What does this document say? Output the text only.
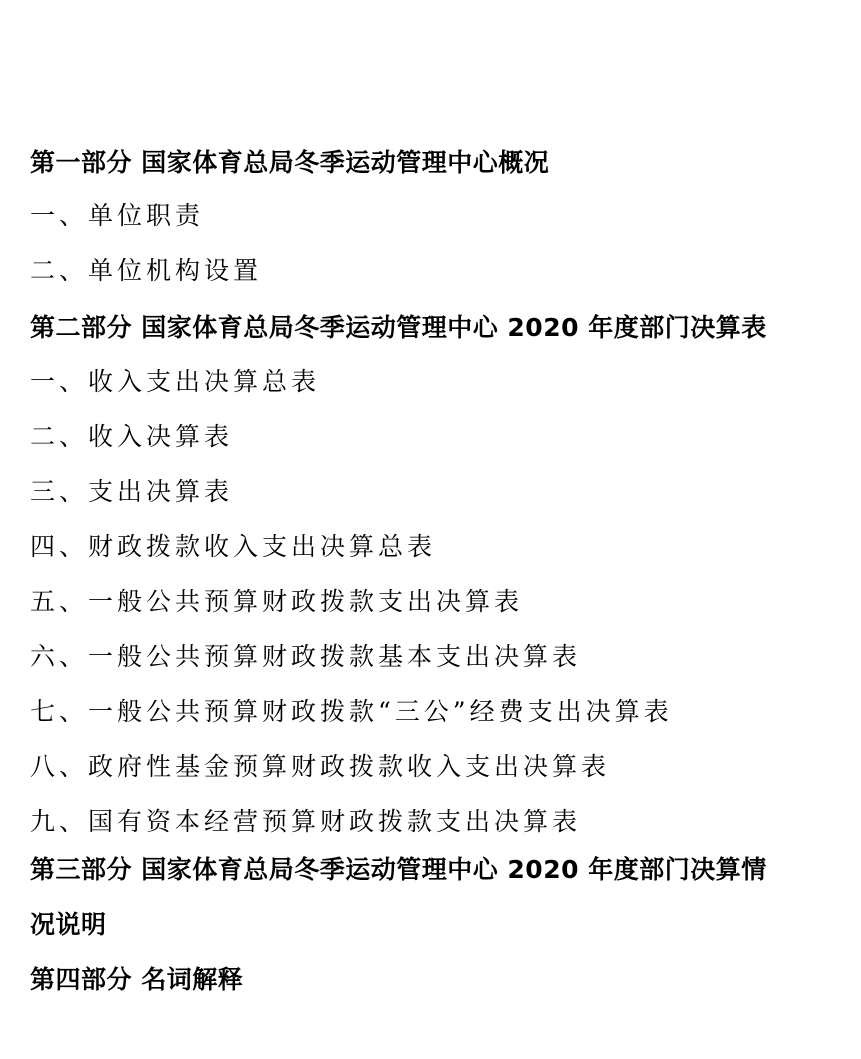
第一部分 国家体育总局冬季运动管理中心概况
一、单位职责
二、单位机构设置
第二部分 国家体育总局冬季运动管理中心 2020 年度部门决算表
一、收入支出决算总表
二、收入决算表
三、支出决算表
四、财政拨款收入支出决算总表
五、一般公共预算财政拨款支出决算表
六、一般公共预算财政拨款基本支出决算表
七、一般公共预算财政拨款“三公”经费支出决算表
八、政府性基金预算财政拨款收入支出决算表
九、国有资本经营预算财政拨款支出决算表
第三部分 国家体育总局冬季运动管理中心 2020 年度部门决算情
况说明
第四部分 名词解释
